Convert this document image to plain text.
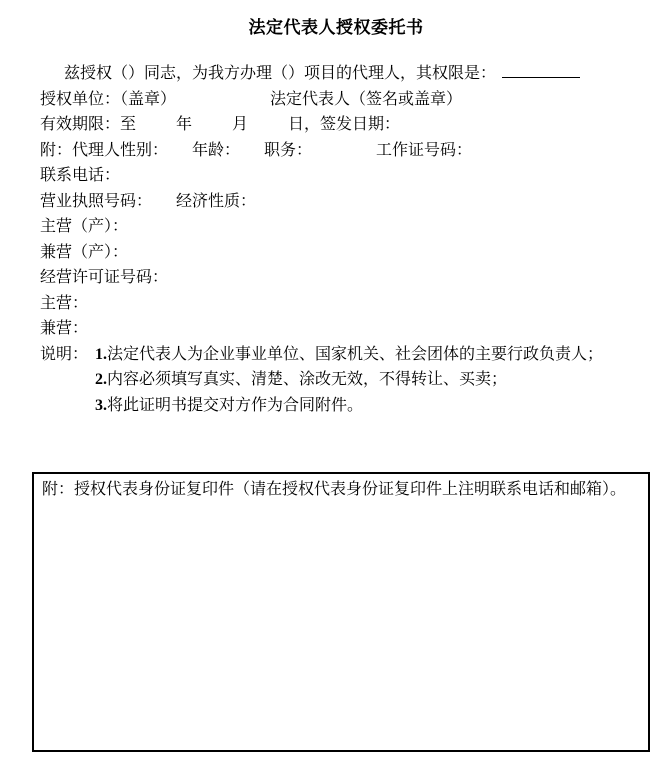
法定代表人授权委托书

兹授权（）同志，为我方办理（）项目的代理人，其权限是：

授权单位：（盖章）	法定代表人（签名或盖章）

有效期限：至　　  年　　  月　　  日，签发日期：

附：代理人性别：　　年龄：　　职务：　　　　  工作证号码：

联系电话：

营业执照号码：　　经济性质：

主营（产）：

兼营（产）：

经营许可证号码：

主营：

兼营：

说明： 1.法定代表人为企业事业单位、国家机关、社会团体的主要行政负责人；

2.内容必须填写真实、清楚、涂改无效，不得转让、买卖；

3.将此证明书提交对方作为合同附件。

附：授权代表身份证复印件（请在授权代表身份证复印件上注明联系电话和邮箱）。
